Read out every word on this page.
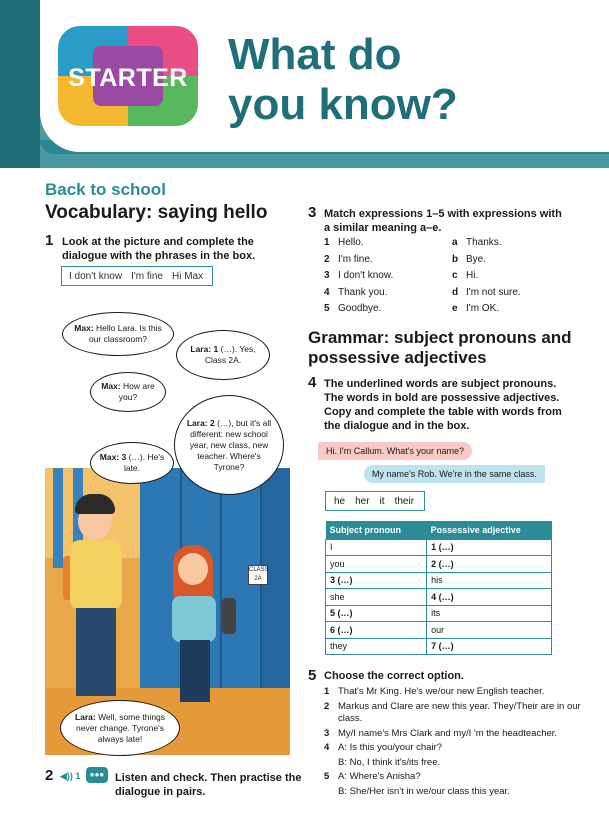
STARTER What do
you know?
Back to school
Vocabulary: saying hello
1 Look at the picture and complete the dialogue with the phrases in the box.
I don't know I'm fine Hi Max
CLASS 2A
Max: Hello Lara. Is this our classroom?
Lara: 1 (…). Yes, Class 2A.
Max: How are you?
Lara: 2 (…), but it's all different: new school year, new class, new teacher. Where's Tyrone?
Max: 3 (…). He's late.
Lara: Well, some things never change. Tyrone's always late!
2 ◀)) 1	●●● Listen and check. Then practise the dialogue in pairs.
3 Match expressions 1–5 with expressions with a similar meaning a–e.
1 Hello.
2 I'm fine.
3 I don't know.
4 Thank you.
5 Goodbye.
a Thanks.
b Bye.
c Hi.
d I'm not sure.
e I'm OK.
Grammar: subject pronouns and possessive adjectives
4 The underlined words are subject pronouns. The words in bold are possessive adjectives. Copy and complete the table with words from the dialogue and in the box.
Hi. I'm Callum. What's your name?
My name's Rob. We're in the same class.
he her it their
Subject pronoun	Possessive adjective
I	1 (…)
you	2 (…)
3 (…)	his
she	4 (…)
5 (…)	its
6 (…)	our
they	7 (…)
5 Choose the correct option.
1 That's Mr King. He's we/our new English teacher.
2 Markus and Clare are new this year. They/Their are in our class.
3 My/I name's Mrs Clark and my/I 'm the headteacher.
4 A: Is this you/your chair?
B: No, I think it's/its free.
5 A: Where's Anisha?
B: She/Her isn't in we/our class this year.
